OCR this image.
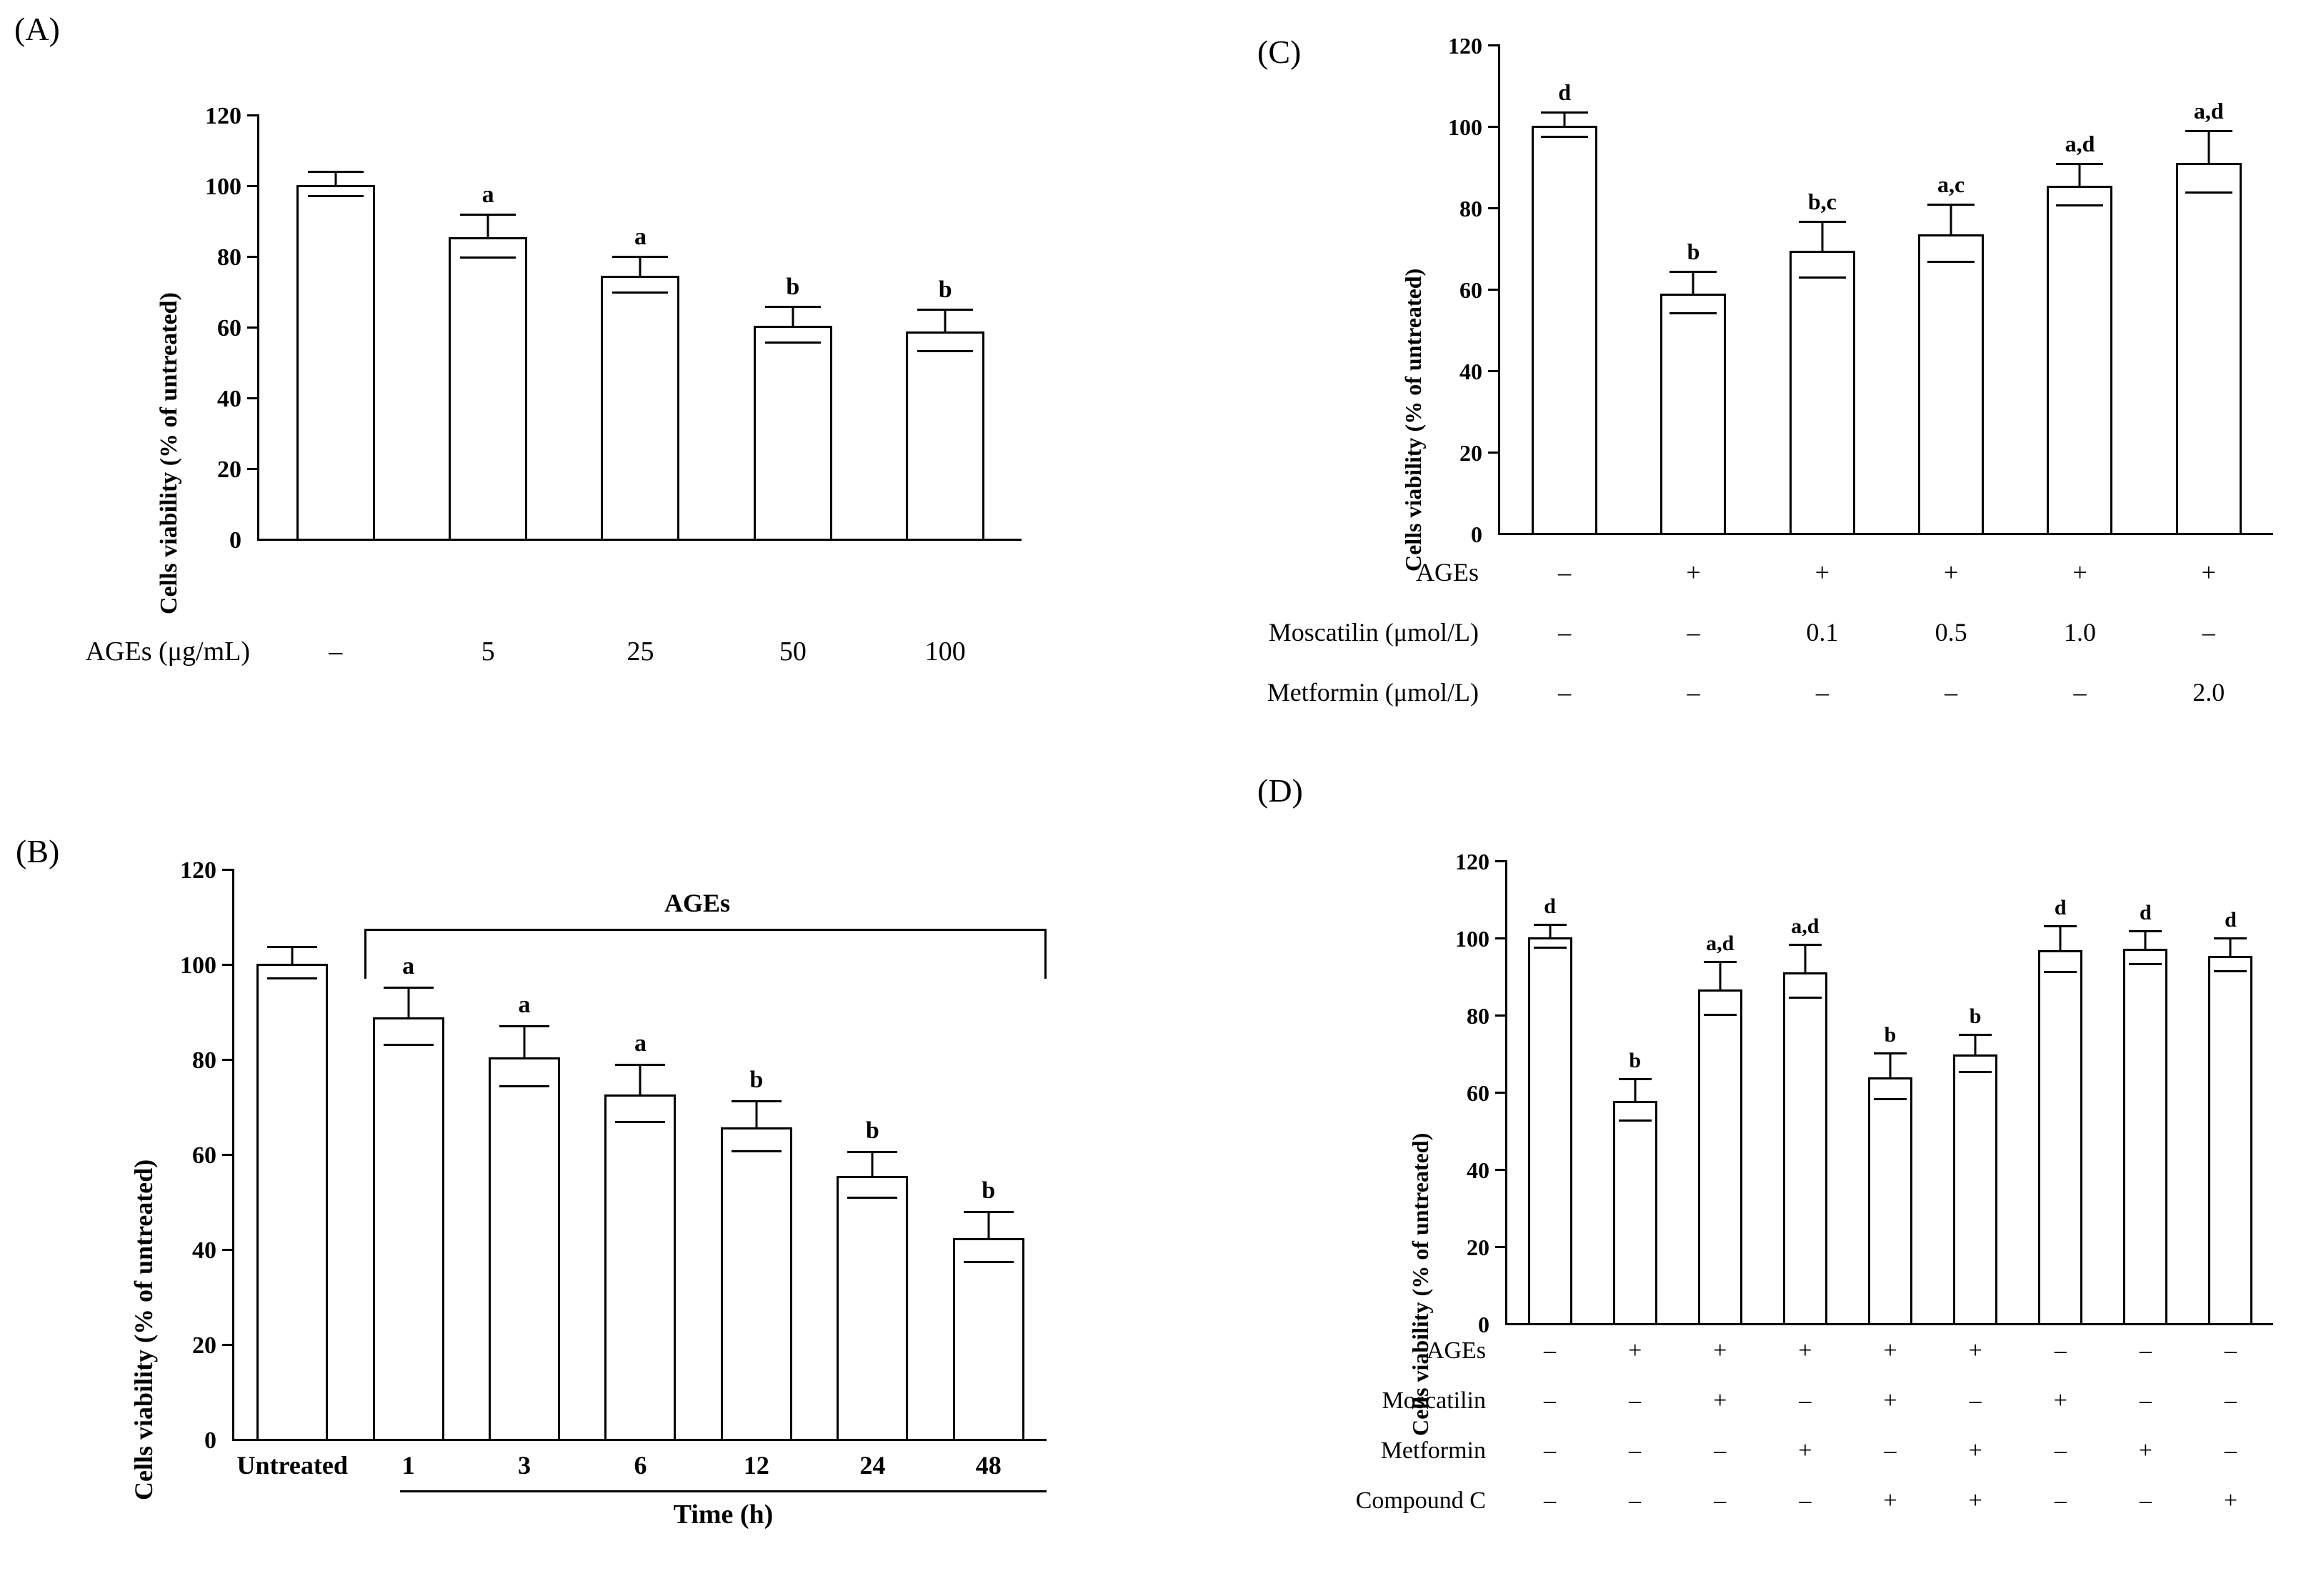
(A)
Cells viability (% of untreated)
120
100
80
60
40
20
0
a
a
b	b
AGEs (μg/mL)	–	5	25	50	100
(B)
Cells viability (% of untreated)
120
100
80
60
40
20
0
AGEs
a
a
a
b
b
b
Untreated	1	3	6	12	24	48
Time (h)
(C)
Cells viability (% of untreated)
120
100
80
60
40
20
0
d
b
b,c
a,c
a,d
a,d
AGEs	–	+	+	+	+	+
Moscatilin (μmol/L)	–	–	0.1	0.5	1.0	–
Metformin (μmol/L)	–	–	–	–	–	2.0
(D)
Cells viability (% of untreated)
120
100
80
60
40
20
0
d
b
a,d
a,d
b
b
d	d	d
AGEs	–	+	+	+	+	+	–	–	–
Moscatilin	–	–	+	–	+	–	+	–	–
Metformin	–	–	–	+	–	+	–	+	–
Compound C	–	–	–	–	+	+	–	–	+
